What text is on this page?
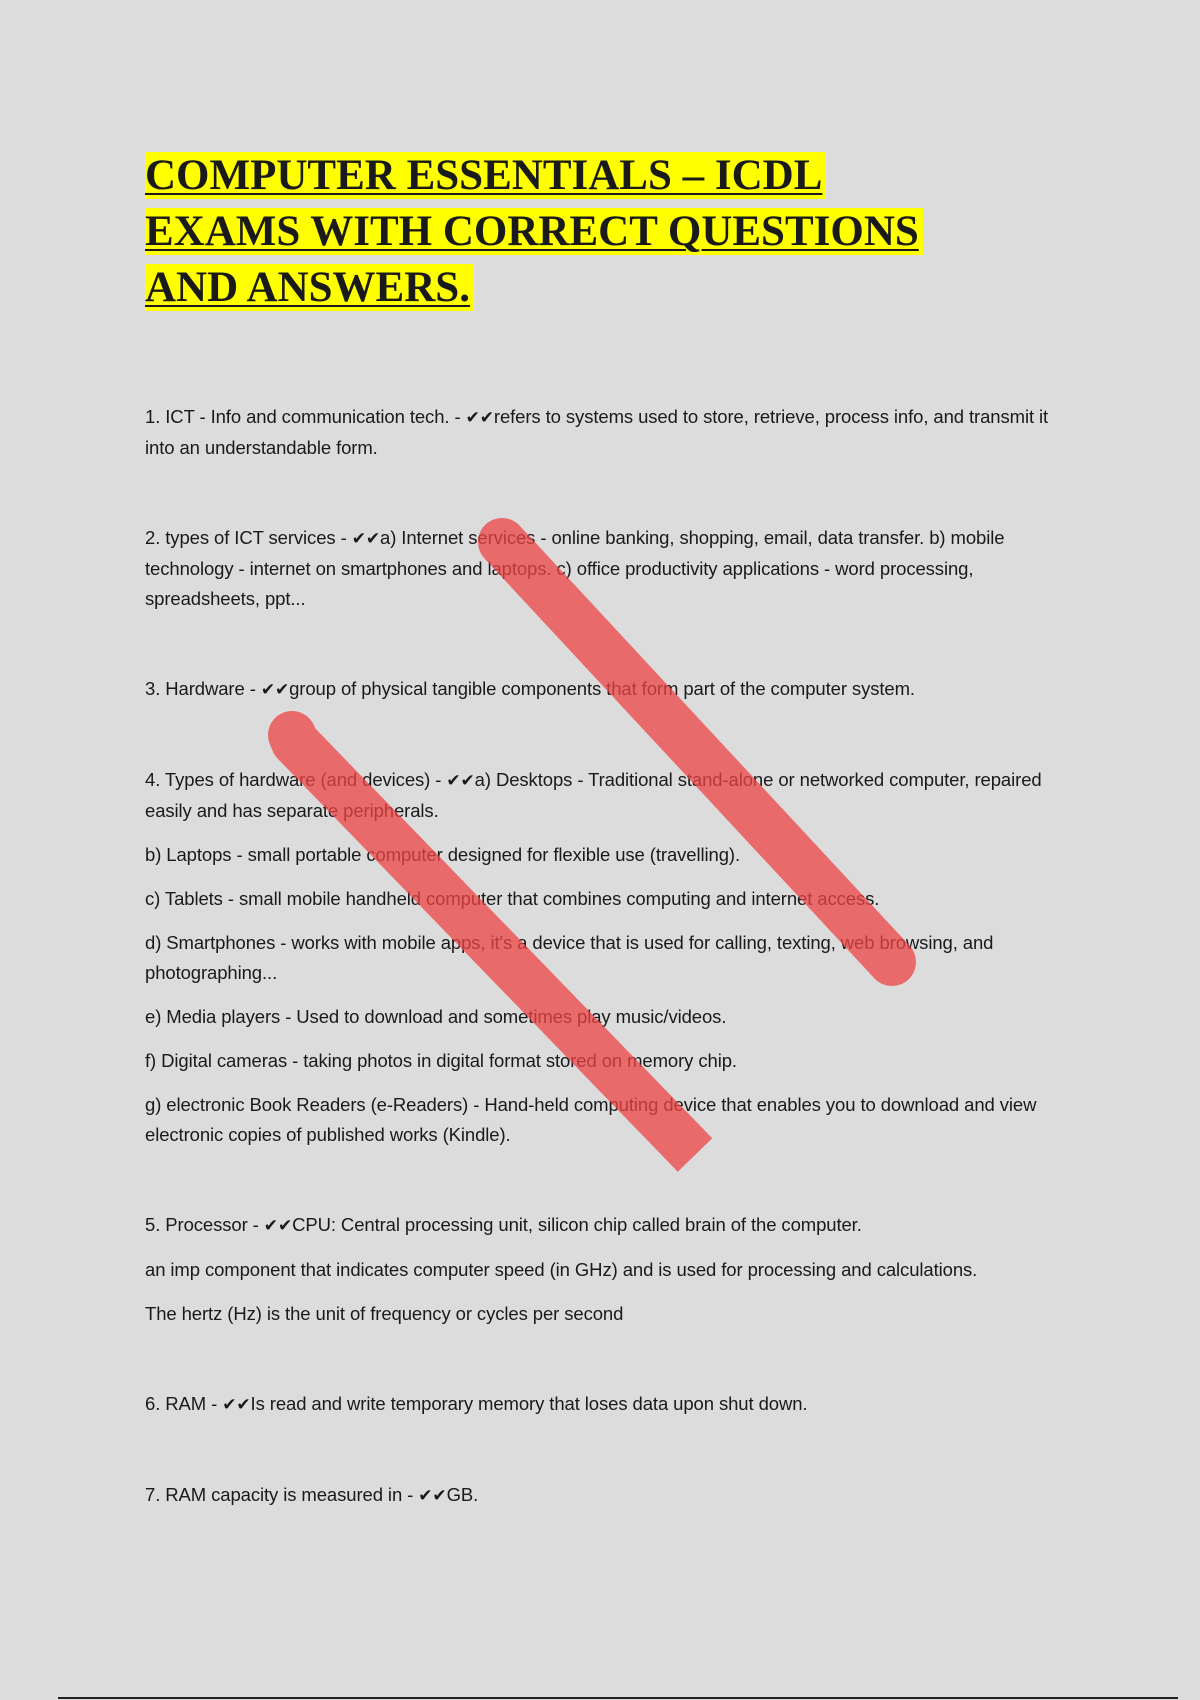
COMPUTER ESSENTIALS – ICDL
EXAMS WITH CORRECT QUESTIONS
AND ANSWERS.

1. ICT - Info and communication tech. - ✔✔refers to systems used to store, retrieve, process info, and transmit it into an understandable form.

2. types of ICT services - ✔✔a) Internet services - online banking, shopping, email, data transfer. b) mobile technology - internet on smartphones and laptops. c) office productivity applications - word processing, spreadsheets, ppt...

3. Hardware - ✔✔group of physical tangible components that form part of the computer system.

4. Types of hardware (and devices) - ✔✔a) Desktops - Traditional stand-alone or networked computer, repaired easily and has separate peripherals.

b) Laptops - small portable computer designed for flexible use (travelling).

c) Tablets - small mobile handheld computer that combines computing and internet access.

d) Smartphones - works with mobile apps, it's a device that is used for calling, texting, web browsing, and photographing...

e) Media players - Used to download and sometimes play music/videos.

f) Digital cameras - taking photos in digital format stored on memory chip.

g) electronic Book Readers (e-Readers) - Hand-held computing device that enables you to download and view electronic copies of published works (Kindle).

5. Processor - ✔✔CPU: Central processing unit, silicon chip called brain of the computer.

an imp component that indicates computer speed (in GHz) and is used for processing and calculations.

The hertz (Hz) is the unit of frequency or cycles per second

6. RAM - ✔✔Is read and write temporary memory that loses data upon shut down.

7. RAM capacity is measured in - ✔✔GB.
